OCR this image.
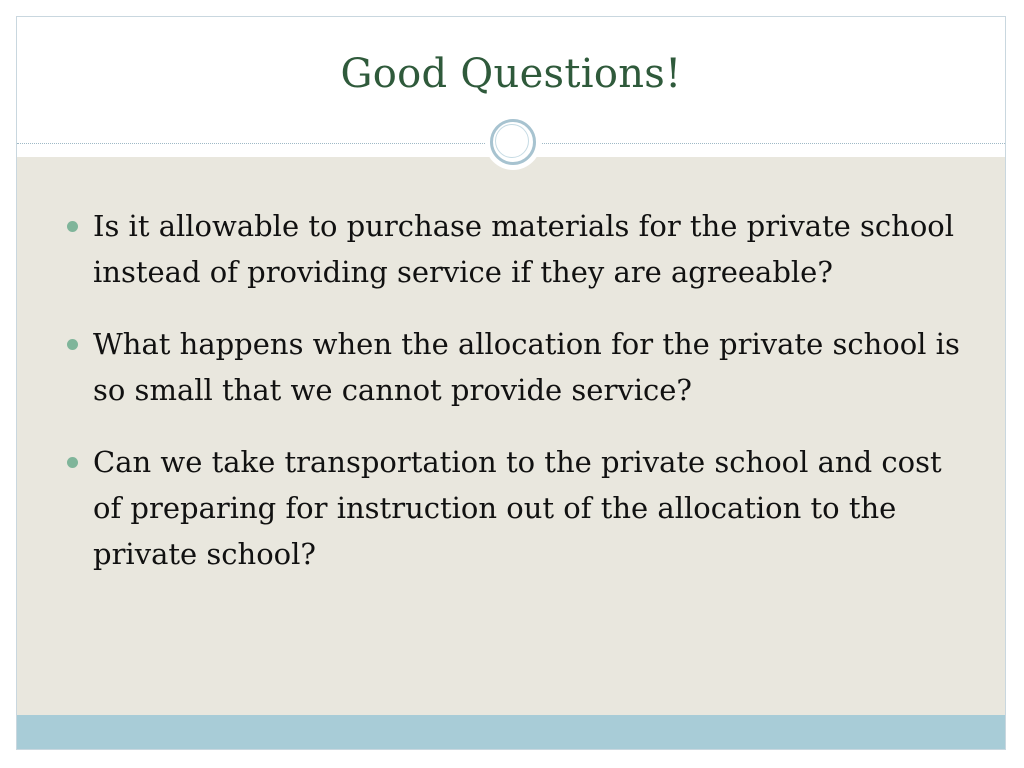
Good Questions!
Is it allowable to purchase materials for the private school instead of providing service if they are agreeable?
What happens when the allocation for the private school is so small that we cannot provide service?
Can we take transportation to the private school and cost of preparing for instruction out of the allocation to the private school?
